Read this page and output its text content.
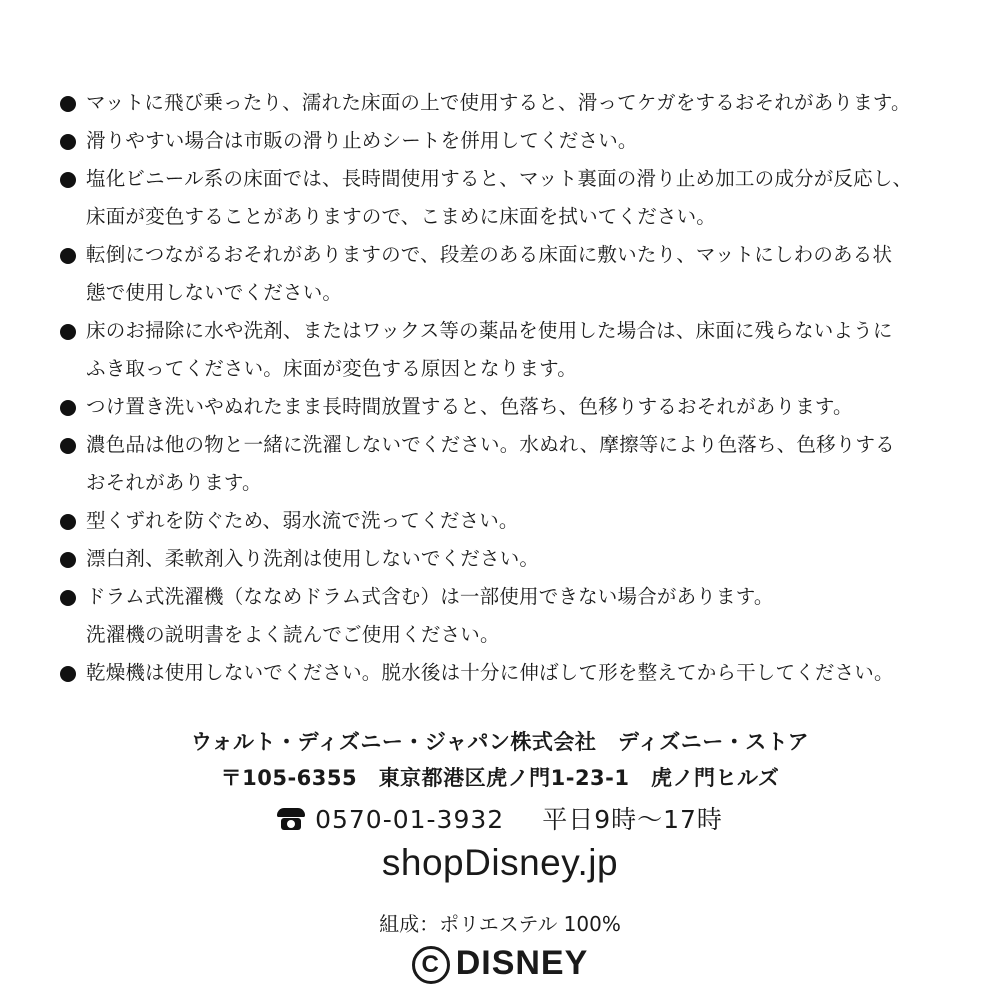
マットに飛び乗ったり、濡れた床面の上で使用すると、滑ってケガをするおそれがあります。
滑りやすい場合は市販の滑り止めシートを併用してください。
塩化ビニール系の床面では、長時間使用すると、マット裏面の滑り止め加工の成分が反応し、
床面が変色することがありますので、こまめに床面を拭いてください。
転倒につながるおそれがありますので、段差のある床面に敷いたり、マットにしわのある状
態で使用しないでください。
床のお掃除に水や洗剤、またはワックス等の薬品を使用した場合は、床面に残らないように
ふき取ってください。床面が変色する原因となります。
つけ置き洗いやぬれたまま長時間放置すると、色落ち、色移りするおそれがあります。
濃色品は他の物と一緒に洗濯しないでください。水ぬれ、摩擦等により色落ち、色移りする
おそれがあります。
型くずれを防ぐため、弱水流で洗ってください。
漂白剤、柔軟剤入り洗剤は使用しないでください。
ドラム式洗濯機（ななめドラム式含む）は一部使用できない場合があります。
洗濯機の説明書をよく読んでご使用ください。
乾燥機は使用しないでください。脱水後は十分に伸ばして形を整えてから干してください。
ウォルト・ディズニー・ジャパン株式会社　ディズニー・ストア
〒105-6355　東京都港区虎ノ門1-23-1　虎ノ門ヒルズ
0570-01-3932 平日9時～17時
shopDisney.jp
組成：ポリエステル 100%
C DISNEY
